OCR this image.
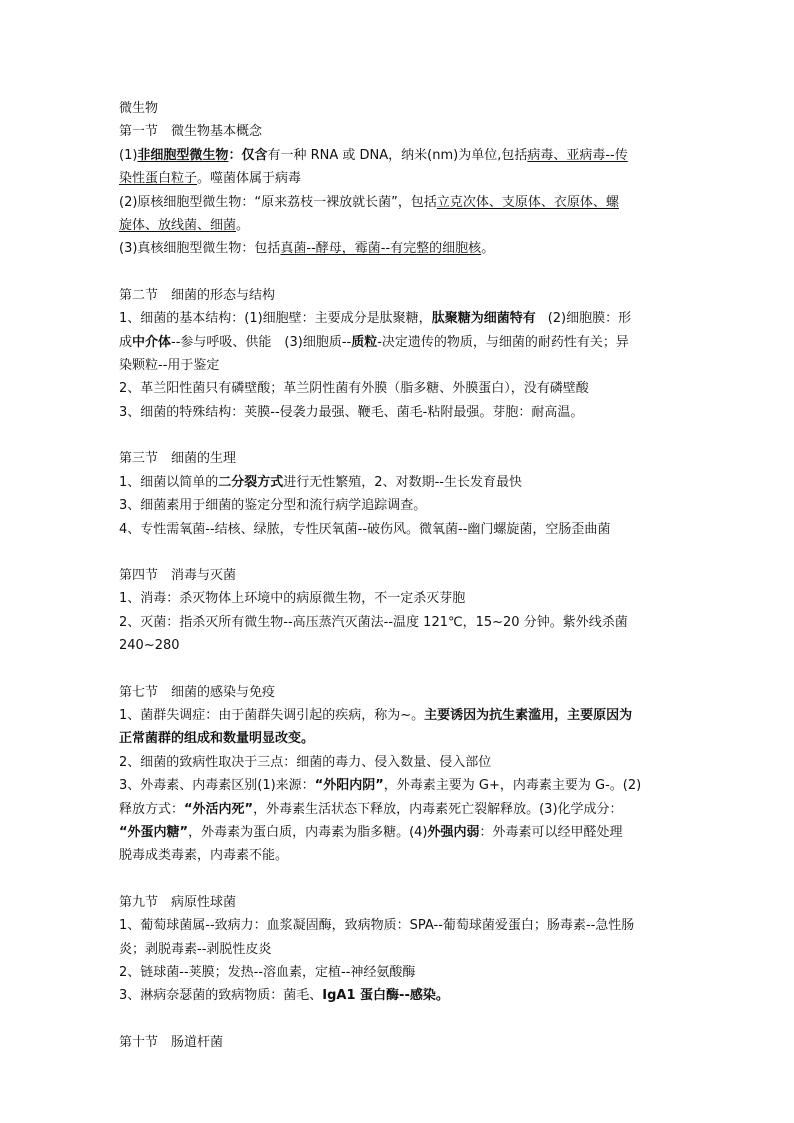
微生物
第一节　微生物基本概念
(1)非细胞型微生物：仅含有一种 RNA 或 DNA，纳米(nm)为单位,包括病毒、亚病毒--传
染性蛋白粒子。噬菌体属于病毒
(2)原核细胞型微生物：“原来荔枝一裸放就长菌”，包括立克次体、支原体、衣原体、螺
旋体、放线菌、细菌。
(3)真核细胞型微生物：包括真菌--酵母，霉菌--有完整的细胞核。
第二节　细菌的形态与结构
1、细菌的基本结构：(1)细胞壁：主要成分是肽聚糖，肽聚糖为细菌特有 (2)细胞膜：形
成中介体--参与呼吸、供能　(3)细胞质--质粒-决定遗传的物质，与细菌的耐药性有关；异
染颗粒--用于鉴定
2、革兰阳性菌只有磷壁酸；革兰阴性菌有外膜（脂多糖、外膜蛋白），没有磷壁酸
3、细菌的特殊结构：荚膜--侵袭力最强、鞭毛、菌毛-粘附最强。芽胞：耐高温。
第三节　细菌的生理
1、细菌以简单的二分裂方式进行无性繁殖，2、对数期--生长发育最快
3、细菌素用于细菌的鉴定分型和流行病学追踪调查。
4、专性需氧菌--结核、绿脓，专性厌氧菌--破伤风。微氧菌--幽门螺旋菌，空肠歪曲菌
第四节　消毒与灭菌
1、消毒：杀灭物体上环境中的病原微生物，不一定杀灭芽胞
2、灭菌：指杀灭所有微生物--高压蒸汽灭菌法--温度 121℃，15~20 分钟。紫外线杀菌
240~280
第七节　细菌的感染与免疫
1、菌群失调症：由于菌群失调引起的疾病，称为~。主要诱因为抗生素滥用，主要原因为
正常菌群的组成和数量明显改变。
2、细菌的致病性取决于三点：细菌的毒力、侵入数量、侵入部位
3、外毒素、内毒素区别(1)来源：“外阳内阴”，外毒素主要为 G+，内毒素主要为 G-。(2)
释放方式：“外活内死”，外毒素生活状态下释放，内毒素死亡裂解释放。(3)化学成分：
“外蛋内糖”，外毒素为蛋白质，内毒素为脂多糖。(4)外强内弱：外毒素可以经甲醛处理
脱毒成类毒素，内毒素不能。
第九节　病原性球菌
1、葡萄球菌属--致病力：血浆凝固酶，致病物质：SPA--葡萄球菌爱蛋白；肠毒素--急性肠
炎；剥脱毒素--剥脱性皮炎
2、链球菌--荚膜；发热--溶血素，定植--神经氨酸酶
3、淋病奈瑟菌的致病物质：菌毛、IgA1 蛋白酶--感染。
第十节　肠道杆菌
